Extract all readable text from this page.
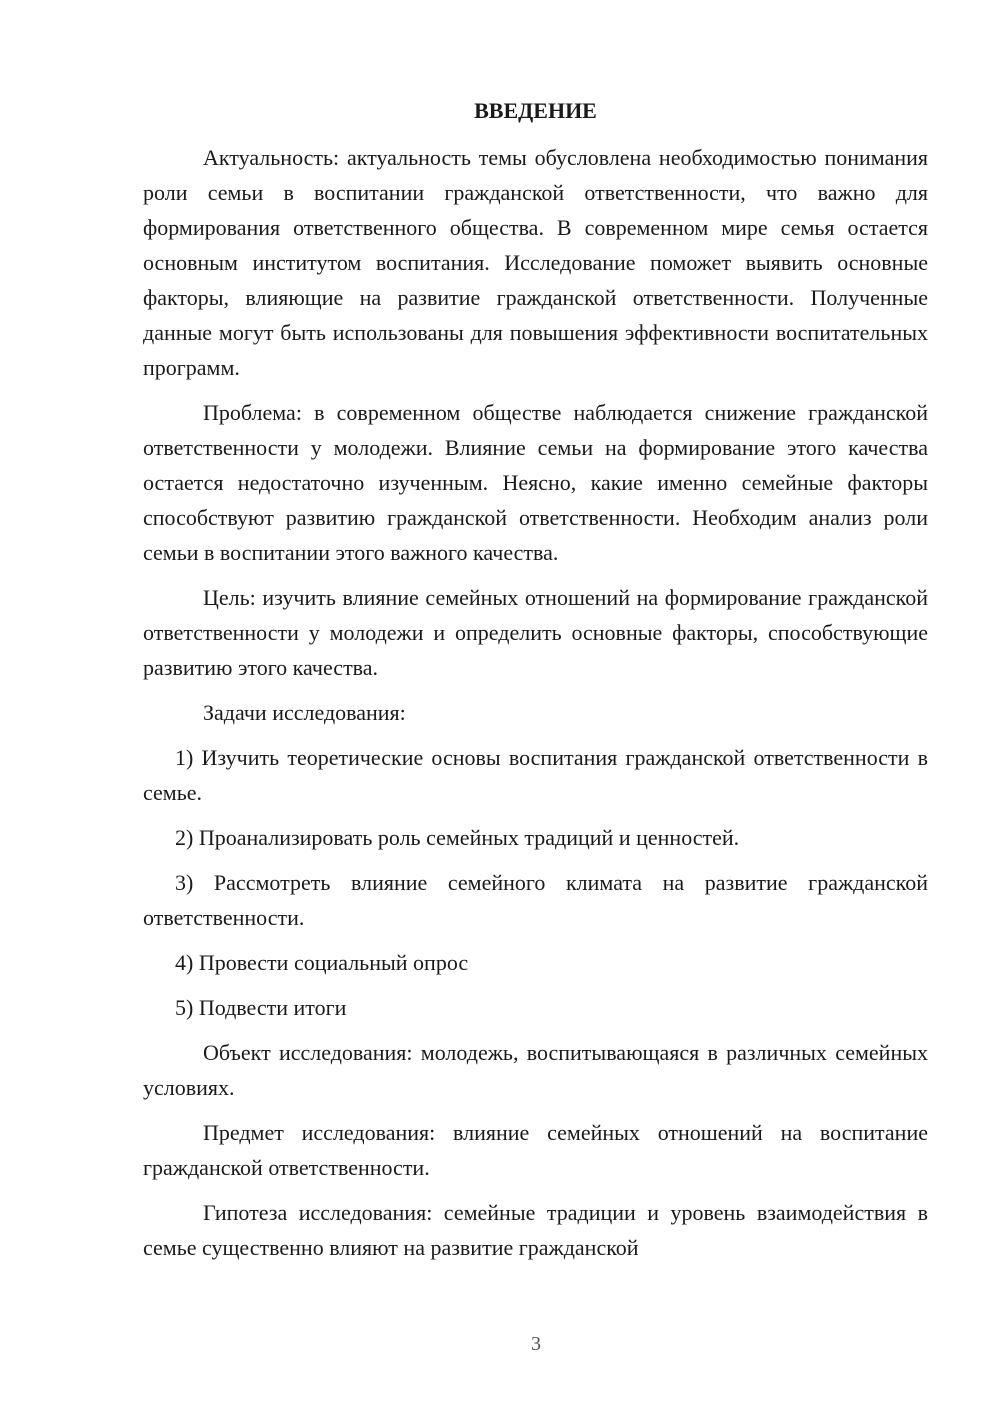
ВВЕДЕНИЕ

Актуальность: актуальность темы обусловлена необходимостью понимания роли семьи в воспитании гражданской ответственности, что важно для формирования ответственного общества. В современном мире семья остается основным институтом воспитания. Исследование поможет выявить основные факторы, влияющие на развитие гражданской ответственности. Полученные данные могут быть использованы для повышения эффективности воспитательных программ.

Проблема: в современном обществе наблюдается снижение гражданской ответственности у молодежи. Влияние семьи на формирование этого качества остается недостаточно изученным. Неясно, какие именно семейные факторы способствуют развитию гражданской ответственности. Необходим анализ роли семьи в воспитании этого важного качества.

Цель: изучить влияние семейных отношений на формирование гражданской ответственности у молодежи и определить основные факторы, способствующие развитию этого качества.

Задачи исследования:

1) Изучить теоретические основы воспитания гражданской ответственности в семье.

2) Проанализировать роль семейных традиций и ценностей.

3) Рассмотреть влияние семейного климата на развитие гражданской ответственности.

4) Провести социальный опрос

5) Подвести итоги

Объект исследования: молодежь, воспитывающаяся в различных семейных условиях.

Предмет исследования: влияние семейных отношений на воспитание гражданской ответственности.

Гипотеза исследования: семейные традиции и уровень взаимодействия в семье существенно влияют на развитие гражданской

3
